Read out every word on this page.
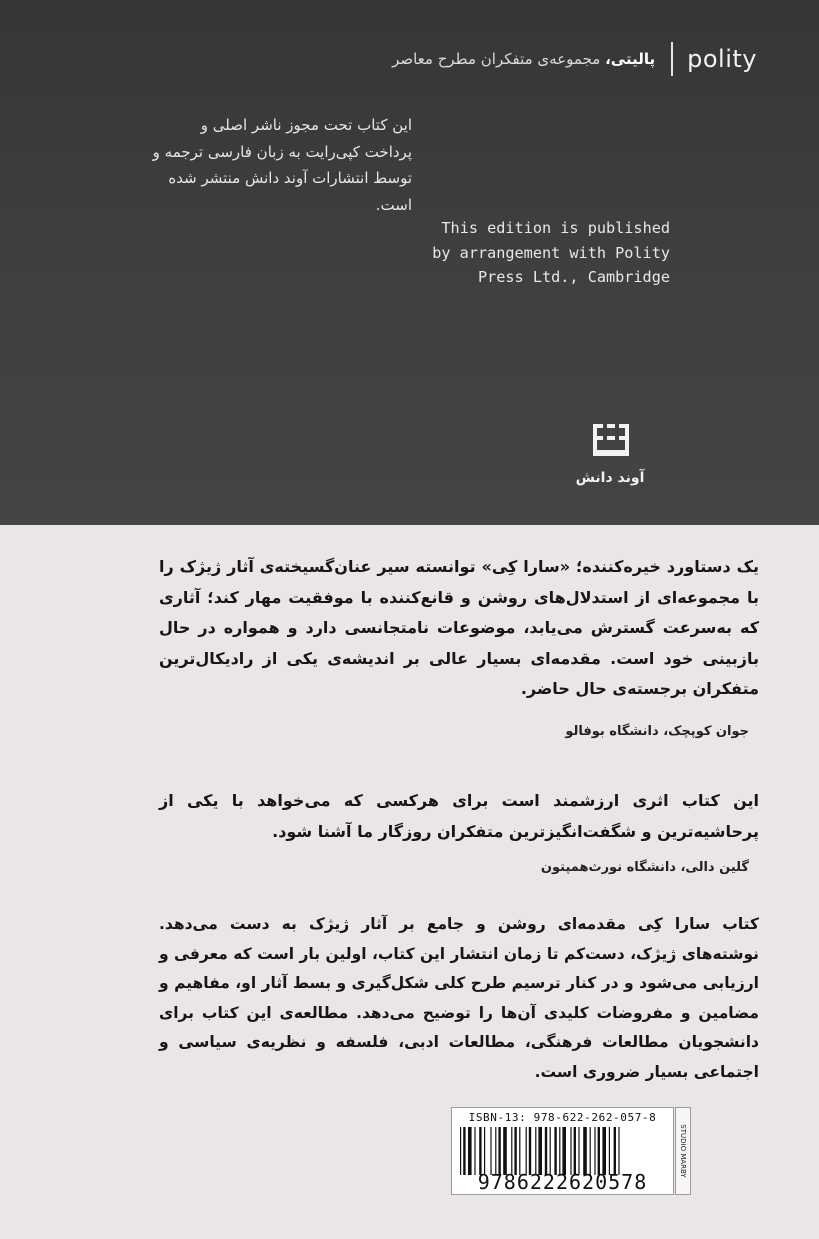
پالیتی، مجموعه‌ی متفکران مطرح معاصر	polity
این کتاب تحت مجوز ناشر اصلی و پرداخت کپی‌رایت به زبان فارسی ترجمه و توسط انتشارات آوند دانش منتشر شده است.
This edition is published
by arrangement with Polity
Press Ltd., Cambridge
آوند دانش
یک دستاورد خیره‌کننده؛ «سارا کِی» توانسته سیر عنان‌گسیخته‌ی آثار ژیژک را با مجموعه‌ای از استدلال‌های روشن و قانع‌کننده با موفقیت مهار کند؛ آثاری که به‌سرعت گسترش می‌یابد، موضوعات نامتجانسی دارد و همواره در حال بازبینی خود است. مقدمه‌ای بسیار عالی بر اندیشه‌ی یکی از رادیکال‌ترین متفکران برجسته‌ی حال حاضر.
جوان کوپچک، دانشگاه بوفالو
این کتاب اثری ارزشمند است برای هرکسی که می‌خواهد با یکی از پرحاشیه‌ترین و شگفت‌انگیزترین متفکران روزگار ما آشنا شود.
گلین دالی، دانشگاه نورث‌همپتون
کتاب سارا کِی مقدمه‌ای روشن و جامع بر آثار ژیژک به دست می‌دهد. نوشته‌های ژیژک، دست‌کم تا زمان انتشار این کتاب، اولین بار است که معرفی و ارزیابی می‌شود و در کنار ترسیم طرح کلی شکل‌گیری و بسط آثار او، مفاهیم و مضامین و مفروضات کلیدی آن‌ها را توضیح می‌دهد. مطالعه‌ی این کتاب برای دانشجویان مطالعات فرهنگی، مطالعات ادبی، فلسفه و نظریه‌ی سیاسی و اجتماعی بسیار ضروری است.
ISBN-13: 978-622-262-057-8
9786222620578
STUDIO MARBY
